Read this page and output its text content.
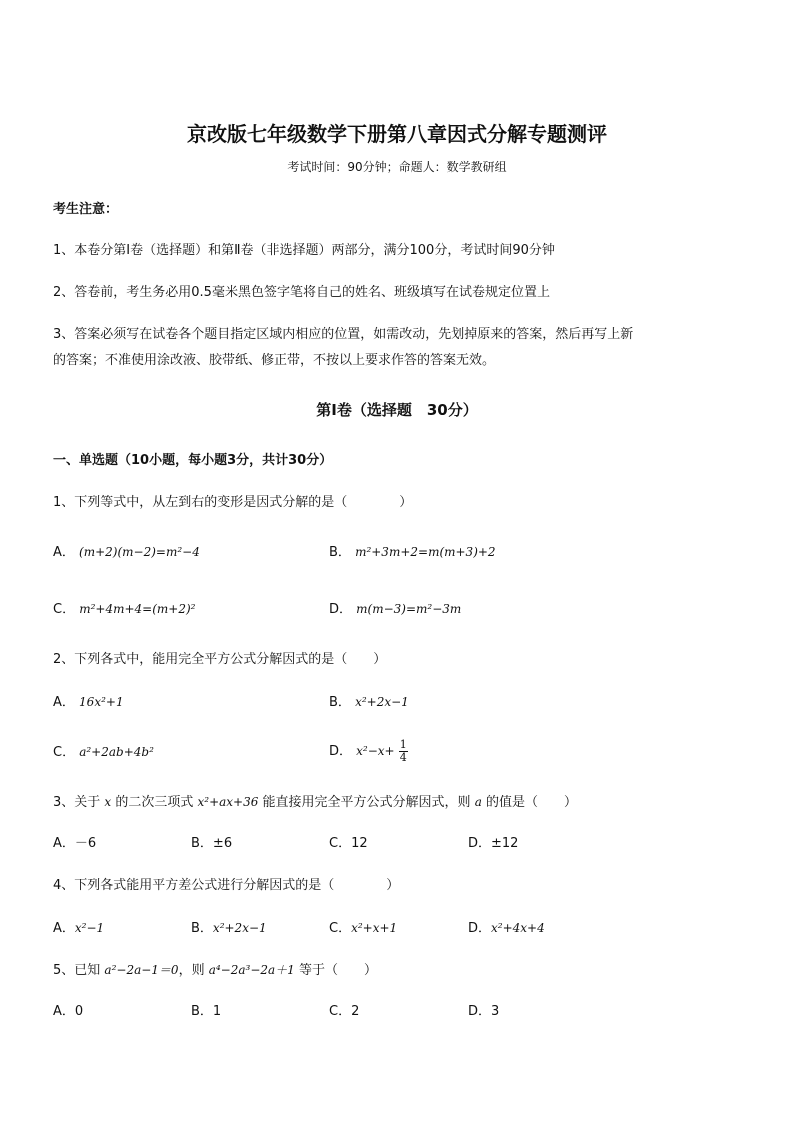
京改版七年级数学下册第八章因式分解专题测评
考试时间：90分钟；命题人：数学教研组
考生注意：
1、本卷分第Ⅰ卷（选择题）和第Ⅱ卷（非选择题）两部分，满分100分，考试时间90分钟
2、答卷前，考生务必用0.5毫米黑色签字笔将自己的姓名、班级填写在试卷规定位置上
3、答案必须写在试卷各个题目指定区域内相应的位置，如需改动，先划掉原来的答案，然后再写上新
的答案；不准使用涂改液、胶带纸、修正带，不按以上要求作答的答案无效。
第Ⅰ卷（选择题　30分）
一、单选题（10小题，每小题3分，共计30分）
1、下列等式中，从左到右的变形是因式分解的是（　　　　）
A． (m+2)(m−2)=m²−4	B． m²+3m+2=m(m+3)+2
C． m²+4m+4=(m+2)²	D． m(m−3)=m²−3m
2、下列各式中，能用完全平方公式分解因式的是（　　）
A． 16x²+1	B． x²+2x−1
C． a²+2ab+4b²	D． $x^2-x+ \frac{1}{4}$
3、关于 x 的二次三项式 x²+ax+36 能直接用完全平方公式分解因式，则 a 的值是（　　）
A．－6	B．±6	C．12	D．±12
4、下列各式能用平方差公式进行分解因式的是（　　　　）
A．x²−1	B．x²+2x−1	C．x²+x+1	D．x²+4x+4
5、已知 a²−2a−1＝0，则 a⁴−2a³−2a＋1 等于（　　）
A．0	B．1	C．2	D．3
